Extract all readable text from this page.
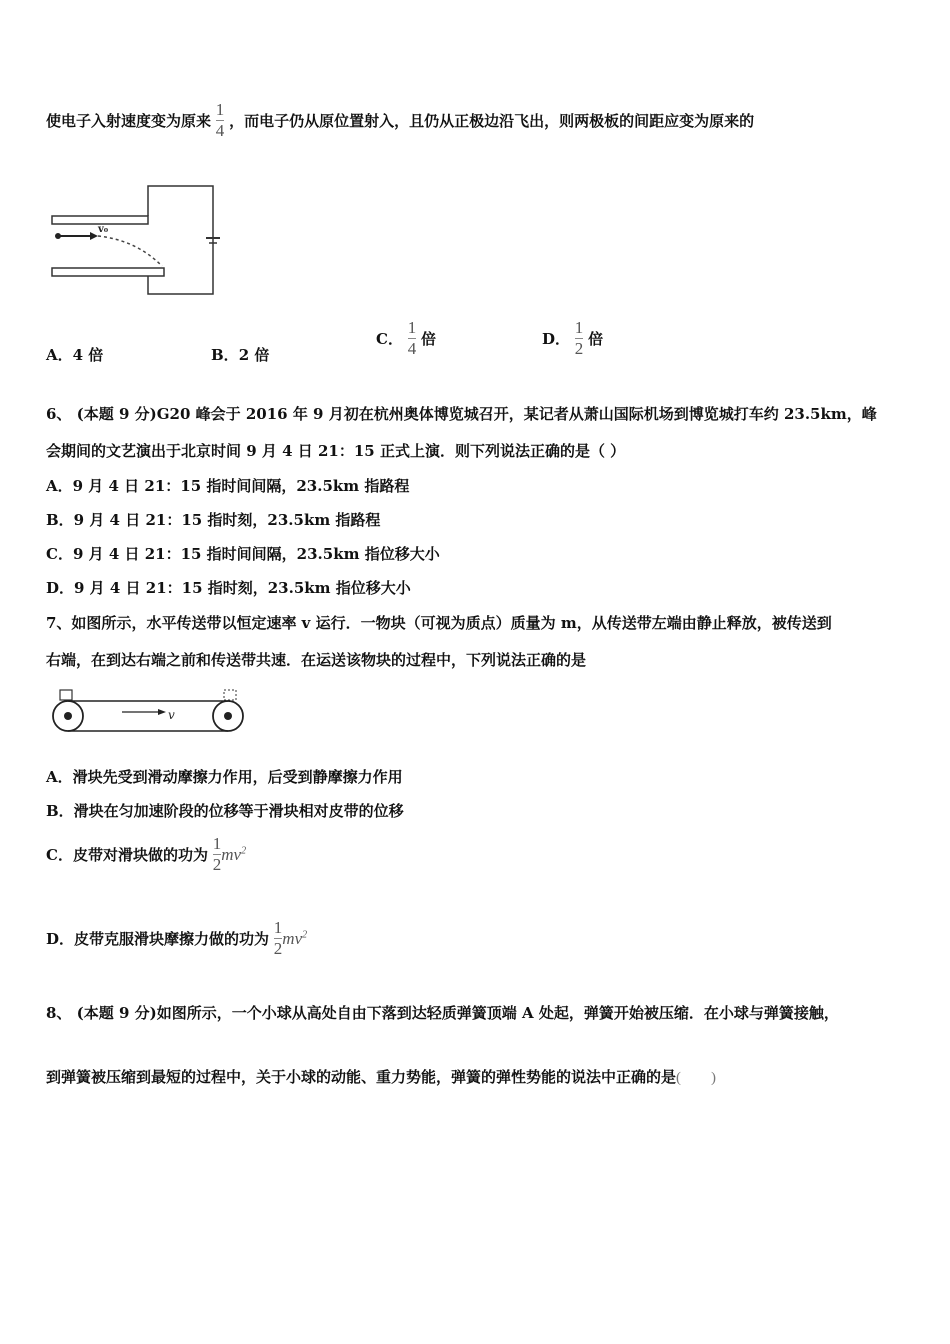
使电子入射速度变为原来 $\frac{1}{4}$ ，而电子仍从原位置射入，且仍从正极边沿飞出，则两极板的间距应变为原来的
v₀
A．4 倍	B．2 倍
C． $\frac{1}{4}$ 倍	D． $\frac{1}{2}$ 倍
6、 (本题 9 分)G20 峰会于 2016 年 9 月初在杭州奥体博览城召开，某记者从萧山国际机场到博览城打车约 23.5km，峰
会期间的文艺演出于北京时间 9 月 4 日 21：15 正式上演．则下列说法正确的是（ ）
A．9 月 4 日 21：15 指时间间隔，23.5km 指路程
B．9 月 4 日 21：15 指时刻，23.5km 指路程
C．9 月 4 日 21：15 指时间间隔，23.5km 指位移大小
D．9 月 4 日 21：15 指时刻，23.5km 指位移大小
7、如图所示，水平传送带以恒定速率 v 运行．一物块（可视为质点）质量为 m，从传送带左端由静止释放，被传送到
右端，在到达右端之前和传送带共速．在运送该物块的过程中，下列说法正确的是
v
A．滑块先受到滑动摩擦力作用，后受到静摩擦力作用
B．滑块在匀加速阶段的位移等于滑块相对皮带的位移
C．皮带对滑块做的功为 $\frac{1}{2} mv^2$
D．皮带克服滑块摩擦力做的功为 $\frac{1}{2} mv^2$
8、 (本题 9 分)如图所示，一个小球从高处自由下落到达轻质弹簧顶端 A 处起，弹簧开始被压缩．在小球与弹簧接触，
到弹簧被压缩到最短的过程中，关于小球的动能、重力势能，弹簧的弹性势能的说法中正确的是( )
